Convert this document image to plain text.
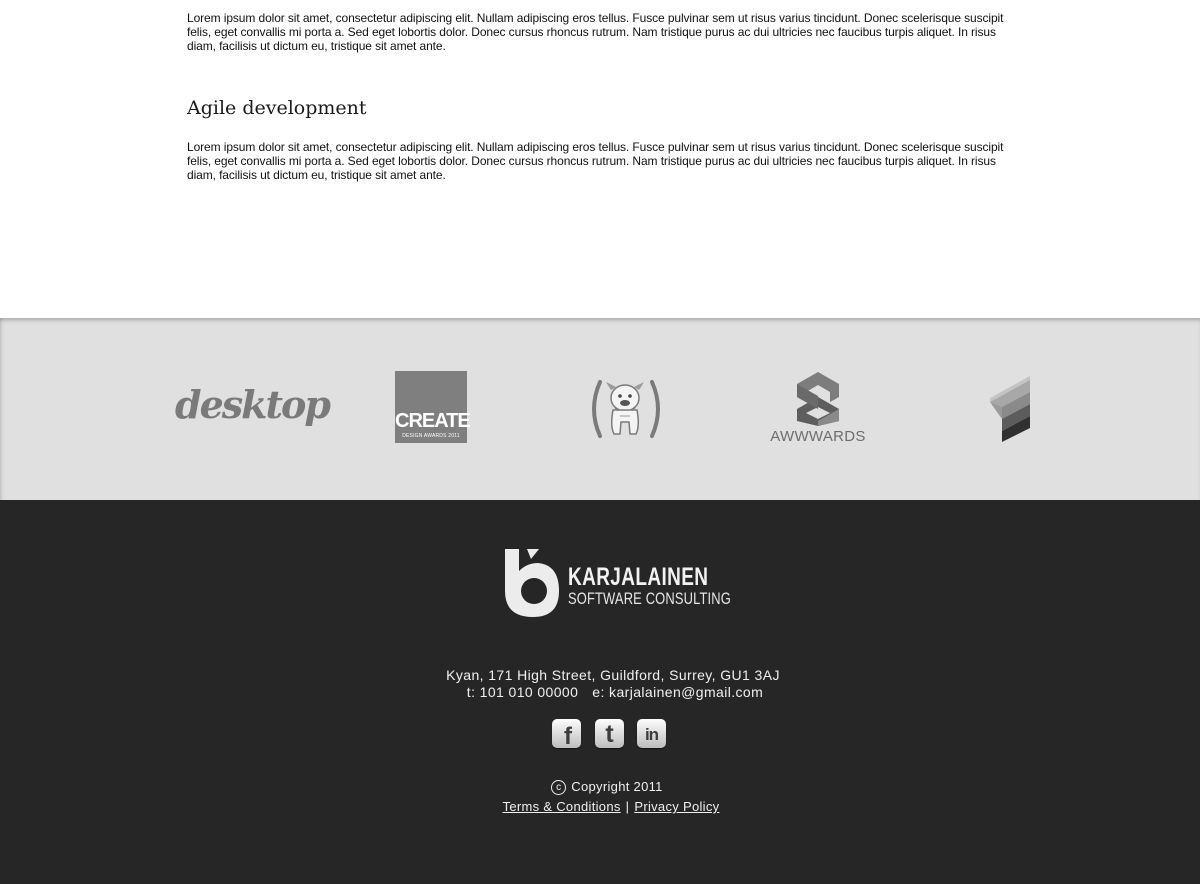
Lorem ipsum dolor sit amet, consectetur adipiscing elit. Nullam adipiscing eros tellus. Fusce pulvinar sem ut risus varius tincidunt. Donec scelerisque suscipit felis, eget convallis mi porta a. Sed eget lobortis dolor. Donec cursus rhoncus rutrum. Nam tristique purus ac dui ultricies nec faucibus turpis aliquet. In risus diam, facilisis ut dictum eu, tristique sit amet ante.

Agile development

Lorem ipsum dolor sit amet, consectetur adipiscing elit. Nullam adipiscing eros tellus. Fusce pulvinar sem ut risus varius tincidunt. Donec scelerisque suscipit felis, eget convallis mi porta a. Sed eget lobortis dolor. Donec cursus rhoncus rutrum. Nam tristique purus ac dui ultricies nec faucibus turpis aliquet. In risus diam, facilisis ut dictum eu, tristique sit amet ante.

desktop	CREATE
DESIGN AWARDS 2011	AWWWARDS
KARJALAINEN
SOFTWARE CONSULTING
Kyan, 171 High Street, Guildford, Surrey, GU1 3AJ
t: 101 010 00000 e: karjalainen@gmail.com
f	t	in
c Copyright 2011
Terms & Conditions | Privacy Policy
